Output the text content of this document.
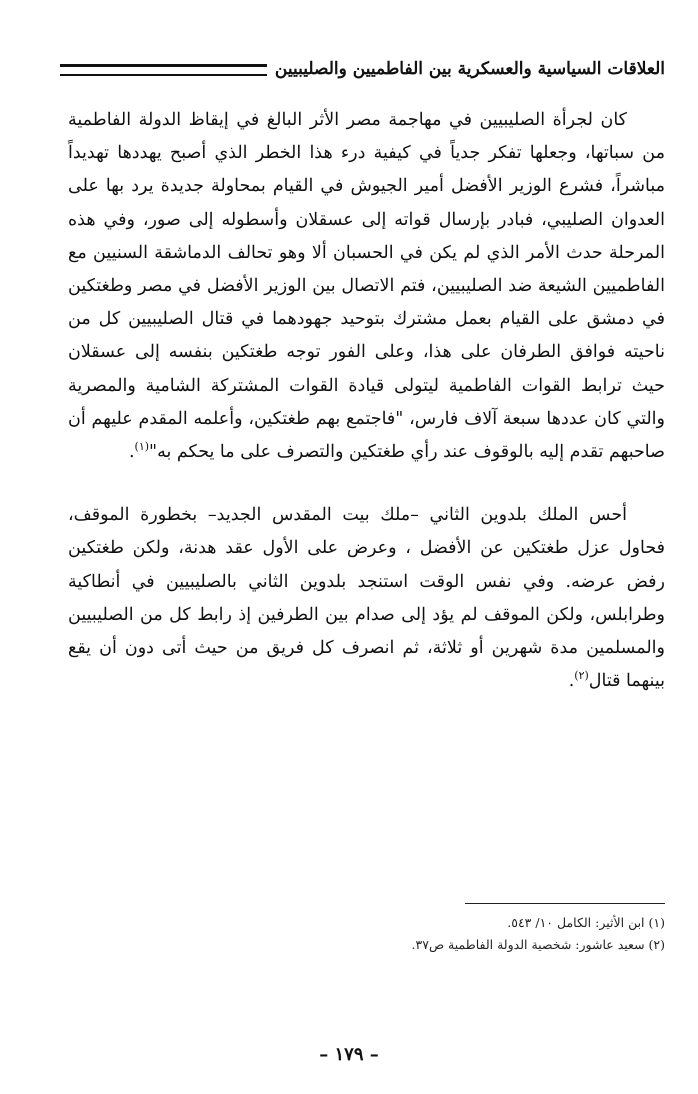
العلاقات السياسية والعسكرية بين الفاطميين والصليبيين

كان لجرأة الصليبيين في مهاجمة مصر الأثر البالغ في إيقاظ الدولة الفاطمية من سباتها، وجعلها تفكر جدياً في كيفية درء هذا الخطر الذي أصبح يهددها تهديداً مباشراً، فشرع الوزير الأفضل أمير الجيوش في القيام بمحاولة جديدة يرد بها على العدوان الصليبي، فبادر بإرسال قواته إلى عسقلان وأسطوله إلى صور، وفي هذه المرحلة حدث الأمر الذي لم يكن في الحسبان ألا وهو تحالف الدماشقة السنيين مع الفاطميين الشيعة ضد الصليبيين، فتم الاتصال بين الوزير الأفضل في مصر وطغتكين في دمشق على القيام بعمل مشترك بتوحيد جهودهما في قتال الصليبيين كل من ناحيته فوافق الطرفان على هذا، وعلى الفور توجه طغتكين بنفسه إلى عسقلان حيث ترابط القوات الفاطمية ليتولى قيادة القوات المشتركة الشامية والمصرية والتي كان عددها سبعة آلاف فارس، "فاجتمع بهم طغتكين، وأعلمه المقدم عليهم أن صاحبهم تقدم إليه بالوقوف عند رأي طغتكين والتصرف على ما يحكم به"$^{(١)}$.

أحس الملك بلدوين الثاني –ملك بيت المقدس الجديد– بخطورة الموقف، فحاول عزل طغتكين عن الأفضل ، وعرض على الأول عقد هدنة، ولكن طغتكين رفض عرضه. وفي نفس الوقت استنجد بلدوين الثاني بالصليبيين في أنطاكية وطرابلس، ولكن الموقف لم يؤد إلى صدام بين الطرفين إذ رابط كل من الصليبيين والمسلمين مدة شهرين أو ثلاثة، ثم انصرف كل فريق من حيث أتى دون أن يقع بينهما قتال$^{(٢)}$.

(١) ابن الأثير: الكامل ١٠/ ٥٤٣.

(٢) سعيد عاشور: شخصية الدولة الفاطمية ص٣٧.

– ١٧٩ –
